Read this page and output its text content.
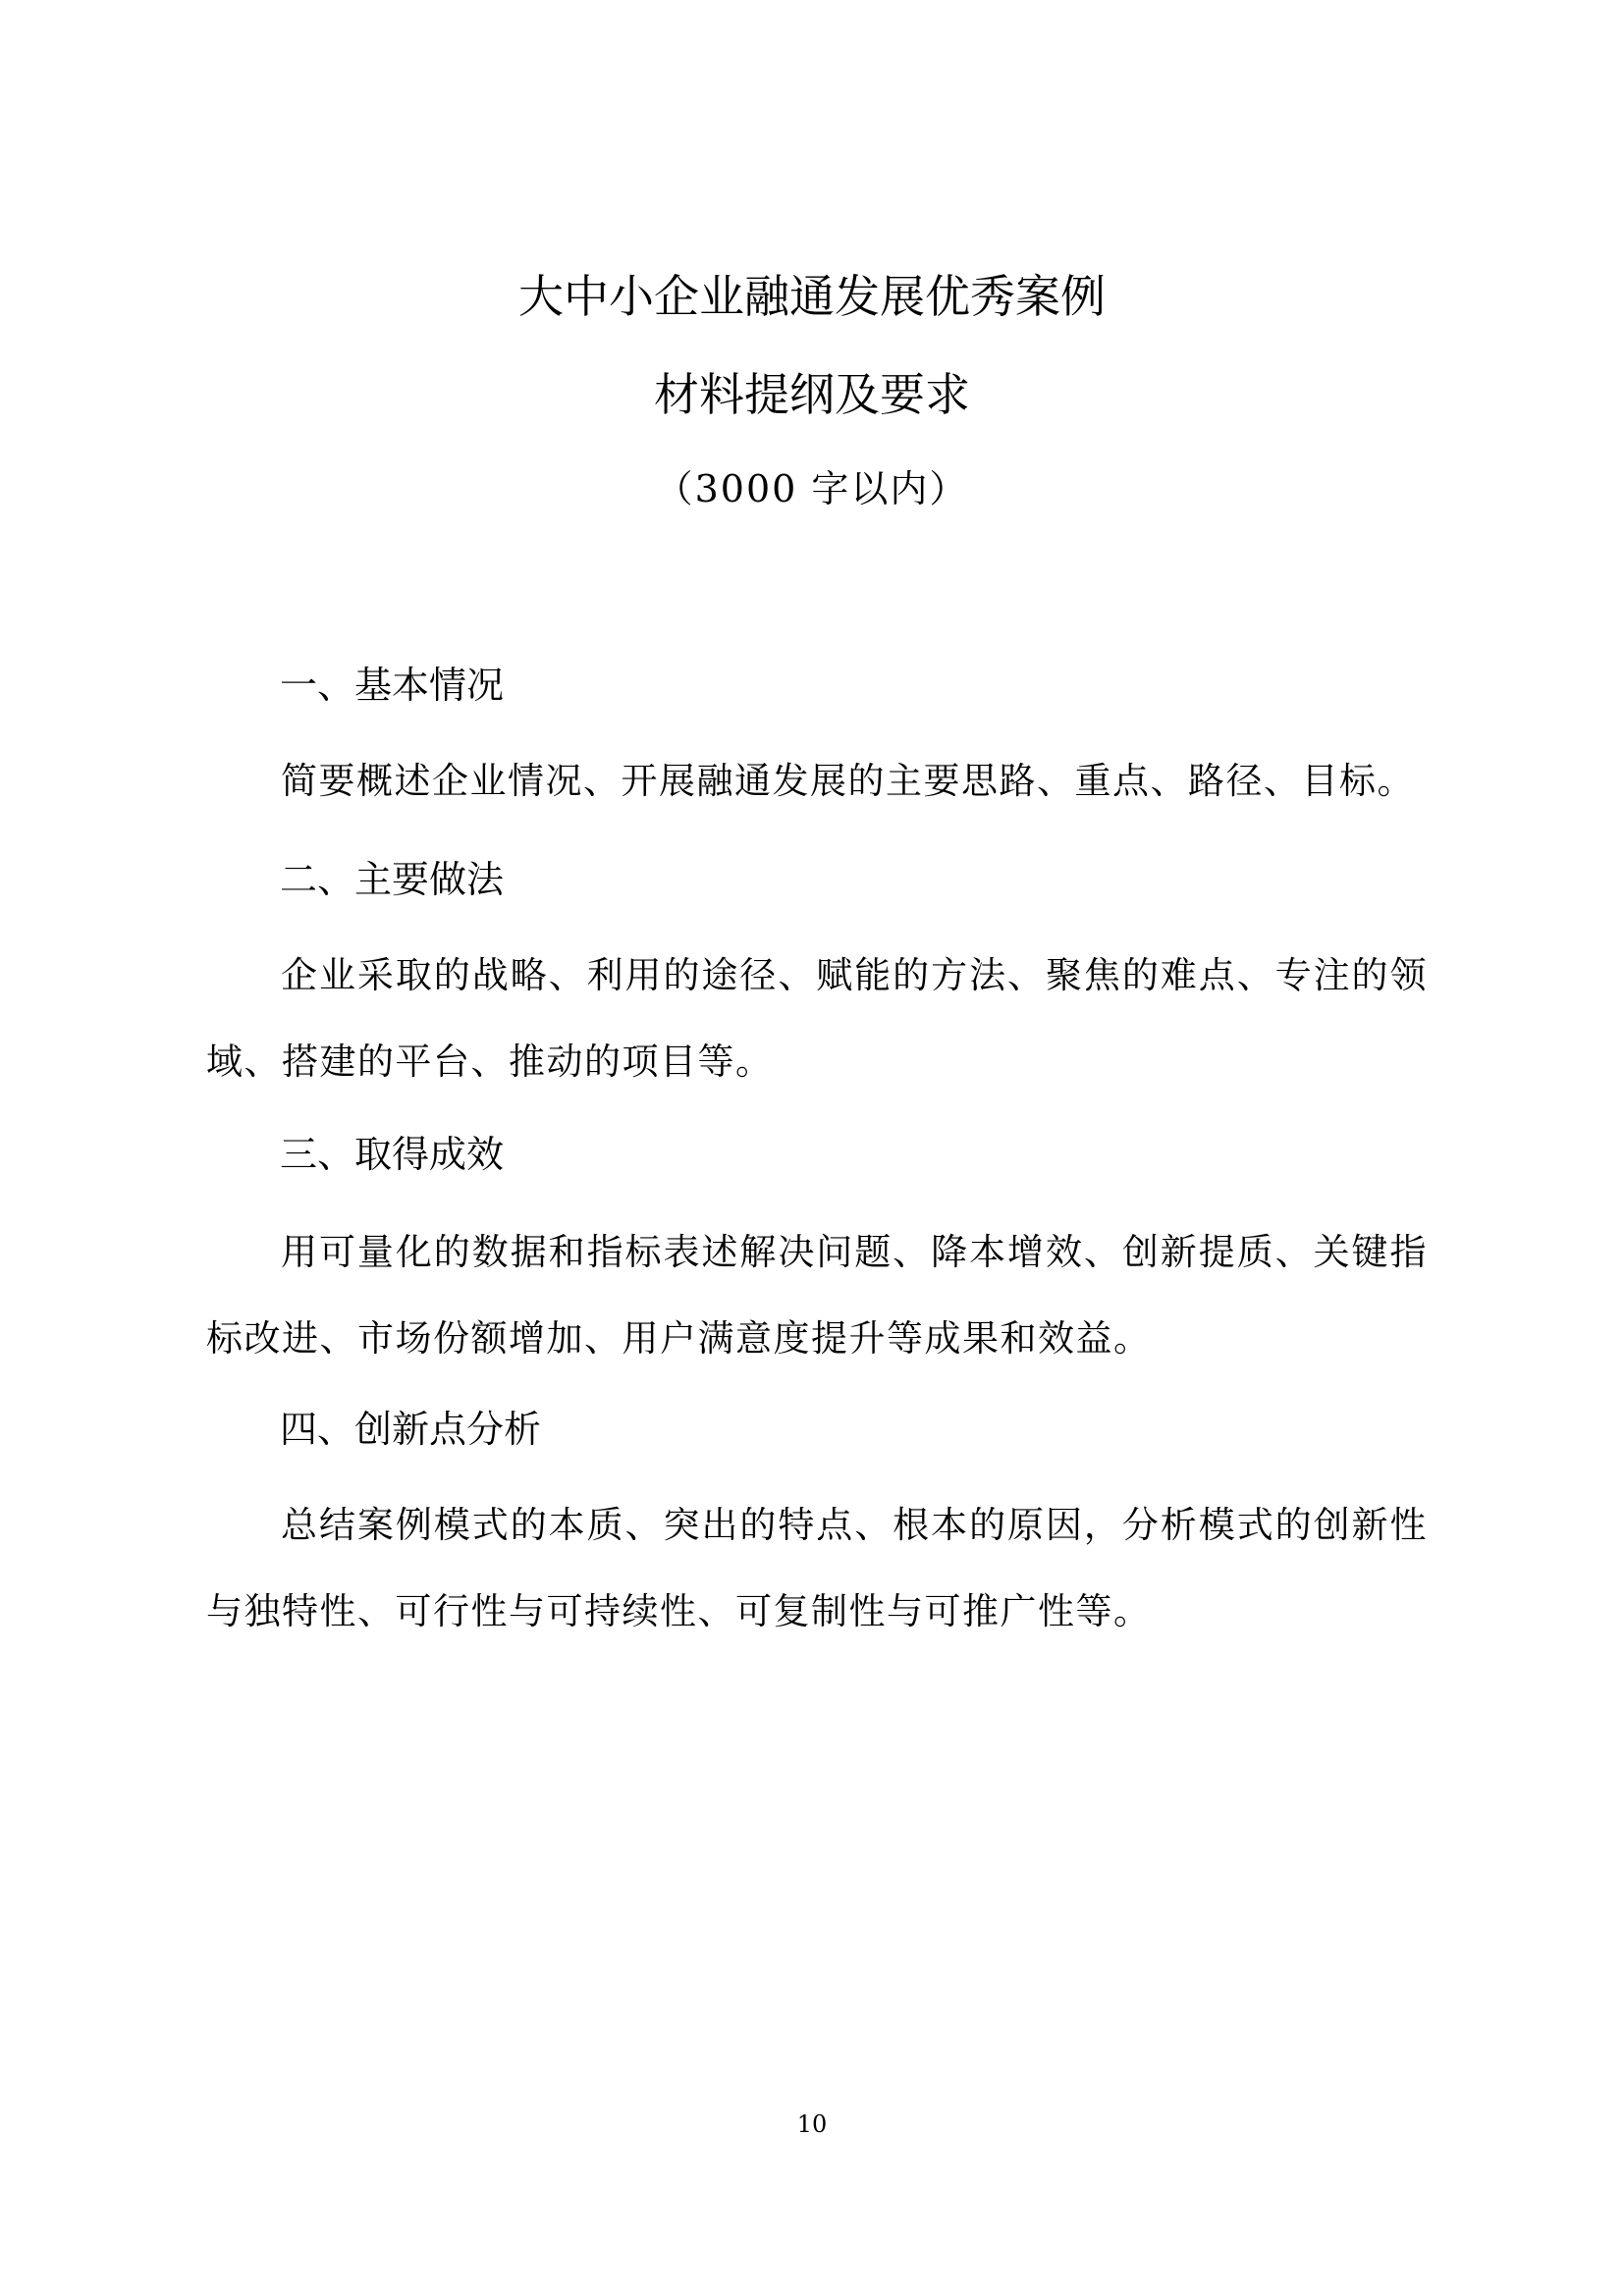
大中小企业融通发展优秀案例
材料提纲及要求
（3000 字以内）
一、基本情况

简要概述企业情况、开展融通发展的主要思路、重点、路径、目标。

二、主要做法

企业采取的战略、利用的途径、赋能的方法、聚焦的难点、专注的领域、搭建的平台、推动的项目等。

三、取得成效

用可量化的数据和指标表述解决问题、降本增效、创新提质、关键指标改进、市场份额增加、用户满意度提升等成果和效益。

四、创新点分析

总结案例模式的本质、突出的特点、根本的原因，分析模式的创新性与独特性、可行性与可持续性、可复制性与可推广性等。

10
